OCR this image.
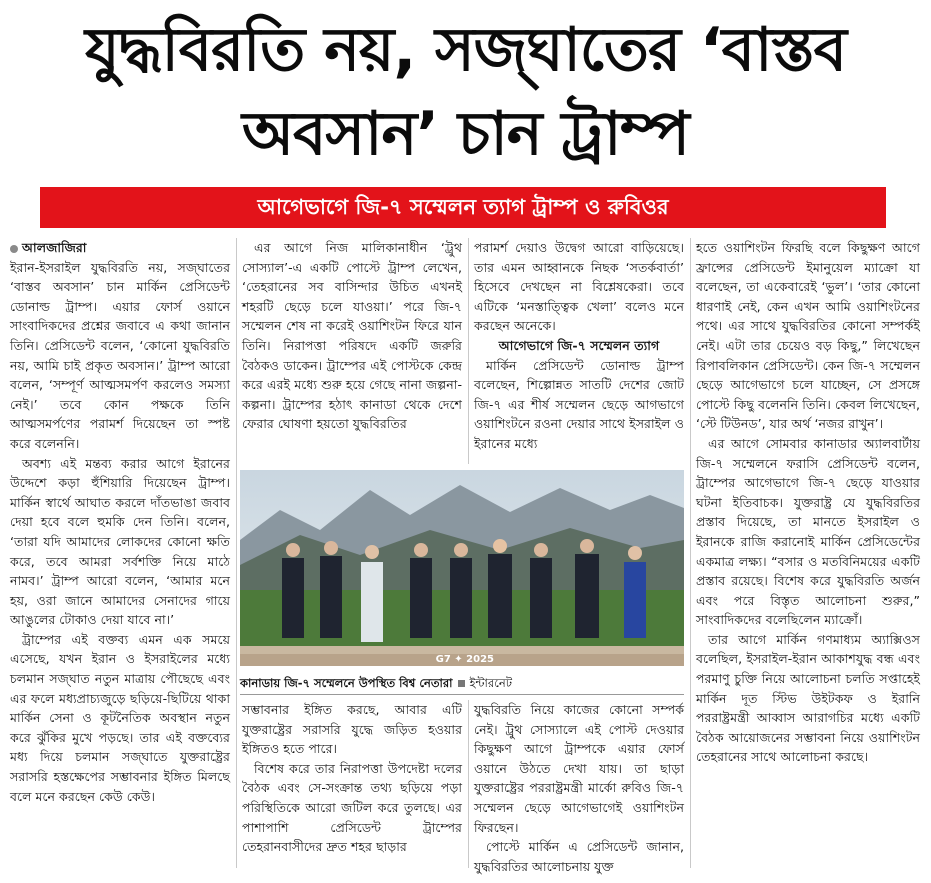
যুদ্ধবিরতি নয়, সজ্ঘাতের ‘বাস্তব
অবসান’ চান ট্রাম্প
আগেভাগে জি-৭ সম্মেলন ত্যাগ ট্রাম্প ও রুবিওর

আলজাজিরা

ইরান-ইসরাইল যুদ্ধবিরতি নয়, সজ্ঘাতের ‘বাস্তব অবসান’ চান মার্কিন প্রেসিডেন্ট ডোনাল্ড ট্রাম্প। এয়ার ফোর্স ওয়ানে সাংবাদিকদের প্রশ্নের জবাবে এ কথা জানান তিনি। প্রেসিডেন্ট বলেন, ‘কোনো যুদ্ধবিরতি নয়, আমি চাই প্রকৃত অবসান।’ ট্রাম্প আরো বলেন, ‘সম্পূর্ণ আত্মসমর্পণ করলেও সমস্যা নেই।’ তবে কোন পক্ষকে তিনি আত্মসমর্পণের পরামর্শ দিয়েছেন তা স্পষ্ট করে বলেননি।

অবশ্য এই মন্তব্য করার আগে ইরানের উদ্দেশে কড়া হুঁশিয়ারি দিয়েছেন ট্রাম্প। মার্কিন স্বার্থে আঘাত করলে দাঁতভাঙা জবাব দেয়া হবে বলে হুমকি দেন তিনি। বলেন, ‘তারা যদি আমাদের লোকদের কোনো ক্ষতি করে, তবে আমরা সর্বশক্তি নিয়ে মাঠে নামব।’ ট্রাম্প আরো বলেন, ‘আমার মনে হয়, ওরা জানে আমাদের সেনাদের গায়ে আঙুলের টোকাও দেয়া যাবে না।’

ট্রাম্পের এই বক্তব্য এমন এক সময়ে এসেছে, যখন ইরান ও ইসরাইলের মধ্যে চলমান সজ্ঘাত নতুন মাত্রায় পৌছেছে এবং এর ফলে মধ্যপ্রাচ্যজুড়ে ছড়িয়ে-ছিটিয়ে থাকা মার্কিন সেনা ও কূটনৈতিক অবস্থান নতুন করে ঝুঁকির মুখে পড়ছে। তার এই বক্তব্যের মধ্য দিয়ে চলমান সজ্ঘাতে যুক্তরাষ্ট্রের সরাসরি হস্তক্ষেপের সম্ভাবনার ইঙ্গিত মিলছে বলে মনে করছেন কেউ কেউ।

এর আগে নিজ মালিকানাধীন ‘ট্রুথ সোস্যাল’-এ একটি পোস্টে ট্রাম্প লেখেন, ‘তেহরানের সব বাসিন্দার উচিত এখনই শহরটি ছেড়ে চলে যাওয়া।’ পরে জি-৭ সম্মেলন শেষ না করেই ওয়াশিংটন ফিরে যান তিনি। নিরাপত্তা পরিষদে একটি জরুরি বৈঠকও ডাকেন। ট্রাম্পের এই পোস্টকে কেন্দ্র করে এরই মধ্যে শুরু হয়ে গেছে নানা জল্পনা-কল্পনা। ট্রাম্পের হঠাৎ কানাডা থেকে দেশে ফেরার ঘোষণা হয়তো যুদ্ধবিরতির

পরামর্শ দেয়াও উদ্বেগ আরো বাড়িয়েছে। তার এমন আহ্বানকে নিছক ‘সতর্কবার্তা’ হিসেবে দেখছেন না বিশ্লেষকেরা। তবে এটিকে ‘মনস্তাত্ত্বিক খেলা’ বলেও মনে করছেন অনেকে।

আগেভাগে জি-৭ সম্মেলন ত্যাগ

মার্কিন প্রেসিডেন্ট ডোনাল্ড ট্রাম্প বলেছেন, শিল্পোন্নত সাতটি দেশের জোট জি-৭ এর শীর্ষ সম্মেলন ছেড়ে আগভাগে ওয়াশিংটনে রওনা দেয়ার সাথে ইসরাইল ও ইরানের মধ্যে

G7 ✦ 2025
কানাডায় জি-৭ সম্মেলনে উপস্থিত বিশ্ব নেতারা ইন্টারনেট

সম্ভাবনার ইঙ্গিত করছে, আবার এটি যুক্তরাষ্ট্রের সরাসরি যুদ্ধে জড়িত হওয়ার ইঙ্গিতও হতে পারে।

বিশেষ করে তার নিরাপত্তা উপদেষ্টা দলের বৈঠক এবং সে-সংক্রান্ত তথ্য ছড়িয়ে পড়া পরিস্থিতিকে আরো জটিল করে তুলছে। এর পাশাপাশি প্রেসিডেন্ট ট্রাম্পের তেহরানবাসীদের দ্রুত শহর ছাড়ার

যুদ্ধবিরতি নিয়ে কাজের কোনো সম্পর্ক নেই। ট্রুথ সোস্যালে এই পোস্ট দেওয়ার কিছুক্ষণ আগে ট্রাম্পকে এয়ার ফোর্স ওয়ানে উঠতে দেখা যায়। তা ছাড়া যুক্তরাষ্ট্রের পররাষ্ট্রমন্ত্রী মার্কো রুবিও জি-৭ সম্মেলন ছেড়ে আগেভাগেই ওয়াশিংটন ফিরছেন।

পোস্টে মার্কিন এ প্রেসিডেন্ট জানান, যুদ্ধবিরতির আলোচনায় যুক্ত

হতে ওয়াশিংটন ফিরছি বলে কিছুক্ষণ আগে ফ্রান্সের প্রেসিডেন্ট ইমানুয়েল ম্যাক্রো যা বলেছেন, তা একেবারেই ‘ভুল’। ‘তার কোনো ধারণাই নেই, কেন এখন আমি ওয়াশিংটনের পথে। এর সাথে যুদ্ধবিরতির কোনো সম্পর্কই নেই। এটা তার চেয়েও বড় কিছু,” লিখেছেন রিপাবলিকান প্রেসিডেন্ট। কেন জি-৭ সম্মেলন ছেড়ে আগেভাগে চলে যাচ্ছেন, সে প্রসঙ্গে পোস্টে কিছু বলেননি তিনি। কেবল লিখেছেন, ‘স্টে টিউনড’, যার অর্থ ‘নজর রাখুন’।

এর আগে সোমবার কানাডার অ্যালবার্টায় জি-৭ সম্মেলনে ফরাসি প্রেসিডেন্ট বলেন, ট্রাম্পের আগেভাগে জি-৭ ছেড়ে যাওয়ার ঘটনা ইতিবাচক। যুক্তরাষ্ট্র যে যুদ্ধবিরতির প্রস্তাব দিয়েছে, তা মানতে ইসরাইল ও ইরানকে রাজি করানোই মার্কিন প্রেসিডেন্টের একমাত্র লক্ষ্য। “বসার ও মতবিনিময়ের একটি প্রস্তাব রয়েছে। বিশেষ করে যুদ্ধবিরতি অর্জন এবং পরে বিস্তৃত আলোচনা শুরুর,” সাংবাদিকদের বলেছিলেন ম্যাক্রোঁ।

তার আগে মার্কিন গণমাধ্যম অ্যাক্সিওস বলেছিল, ইসরাইল-ইরান আকাশযুদ্ধ বন্ধ এবং পরমাণু চুক্তি নিয়ে আলোচনা চলতি সপ্তাহেই মার্কিন দূত স্টিভ উইটকফ ও ইরানি পররাষ্ট্রমন্ত্রী আব্বাস আরাগচির মধ্যে একটি বৈঠক আয়োজনের সম্ভাবনা নিয়ে ওয়াশিংটন তেহরানের সাথে আলোচনা করছে।
